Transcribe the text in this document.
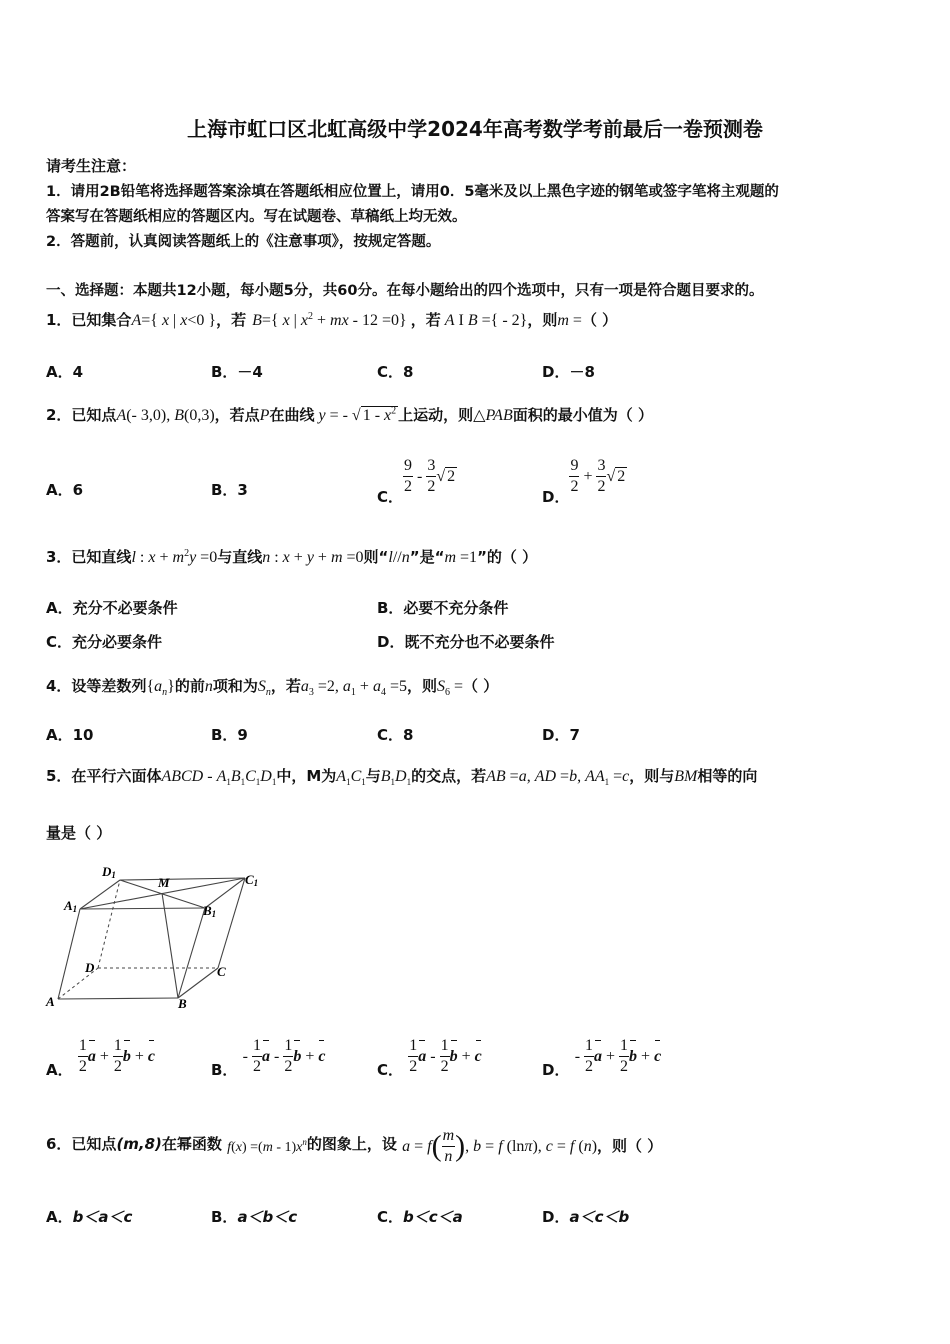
上海市虹口区北虹高级中学2024年高考数学考前最后一卷预测卷
请考生注意：
1．请用2B铅笔将选择题答案涂填在答题纸相应位置上，请用0．5毫米及以上黑色字迹的钢笔或签字笔将主观题的
答案写在答题纸相应的答题区内。写在试题卷、草稿纸上均无效。
2．答题前，认真阅读答题纸上的《注意事项》，按规定答题。
一、选择题：本题共12小题，每小题5分，共60分。在每小题给出的四个选项中，只有一项是符合题目要求的。
1．已知集合A={ x | x<0 }，若 B={ x | $x^2$ + mx - 12 =0} ，若 A I B ={ - 2}，则m =（ ）
A．4	B．－4	C．8	D．－8
2．已知点A(- 3,0), B(0,3)，若点P在曲线 y = - √ $1 - x^2$ 上运动，则△PAB面积的最小值为（ ）
A．6	B．3	C．
$\frac{9}{2} - \frac{3}{2}$ √ 2
D．
$\frac{9}{2} + \frac{3}{2}$ √ 2
3．已知直线l : $x + m^2y =0$与直线n : x + y + m =0则“l//n”是“m =1”的（ ）
A．充分不必要条件	B．必要不充分条件
C．充分必要条件	D．既不充分也不必要条件
4．设等差数列$\{a_n\}$的前n项和为$S_n$，若$a_3 =2$, $a_1 + a_4 =5$，则$S_6$ =（ ）
A．10	B．9	C．8	D．7
5．在平行六面体ABCD - $A_1B_1C_1D_1$中，M为$A_1C_1$与$B_1D_1$的交点，若AB =a, AD =b, $AA_1 =c$，则与BM相等的向
量是（ ）
D1	M	C1
A1	B1
D	C
A	B
A． $\frac{1}{2}$ $a + \frac{1}{2}$ b + c
B． - $\frac{1}{2}$ a - $\frac{1}{2}$ b + c
C． $\frac{1}{2}$ a - $\frac{1}{2}$ b + c
D． - $\frac{1}{2}$ $a + \frac{1}{2}$ b + c
6．已知点(m,8)在幂函数 $f(x) =(m - 1)x^n$的图象上，设 $a = f( \frac{m}{n}$ ), b = f (lnπ), c = f (n)，则（ ）
A．b＜a＜c	B．a＜b＜c	C．b＜c＜a	D．a＜c＜b
